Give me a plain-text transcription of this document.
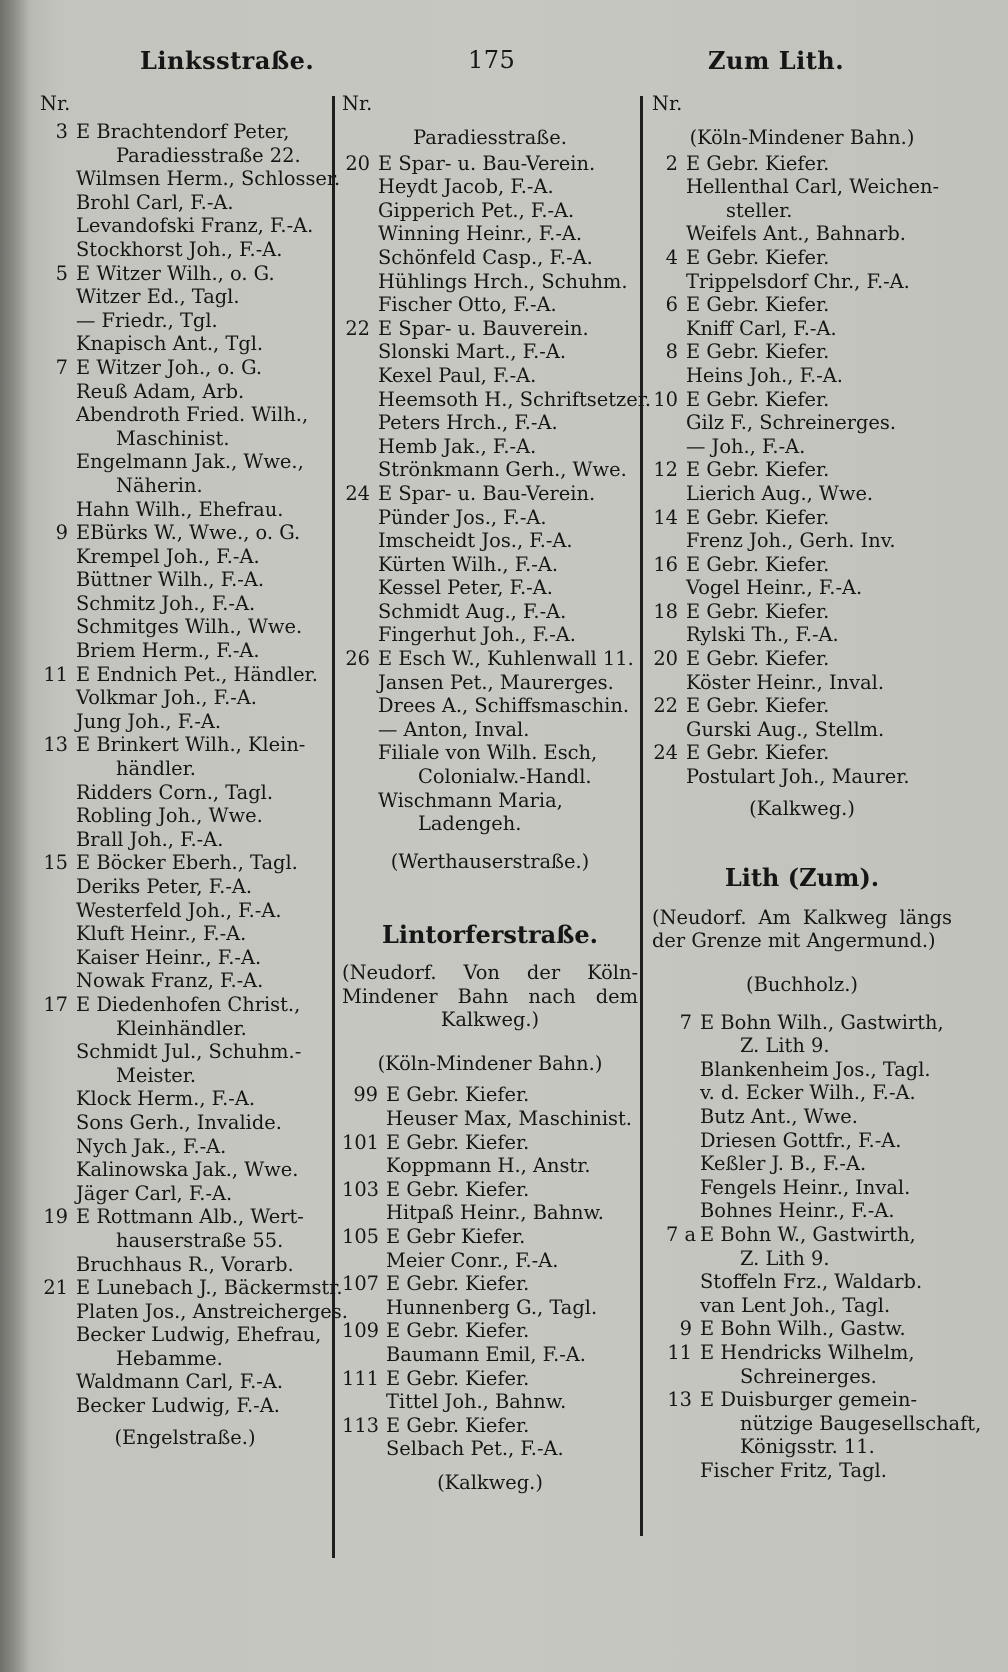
Linksstraße.	175	Zum Lith.
Nr.
3 E Brachtendorf Peter,
Paradiesstraße 22.
Wilmsen Herm., Schlosser.
Brohl Carl, F.-A.
Levandofski Franz, F.-A.
Stockhorst Joh., F.-A.
5 E Witzer Wilh., o. G.
Witzer Ed., Tagl.
— Friedr., Tgl.
Knapisch Ant., Tgl.
7 E Witzer Joh., o. G.
Reuß Adam, Arb.
Abendroth Fried. Wilh.,
Maschinist.
Engelmann Jak., Wwe.,
Näherin.
Hahn Wilh., Ehefrau.
9 EBürks W., Wwe., o. G.
Krempel Joh., F.-A.
Büttner Wilh., F.-A.
Schmitz Joh., F.-A.
Schmitges Wilh., Wwe.
Briem Herm., F.-A.
11 E Endnich Pet., Händler.
Volkmar Joh., F.-A.
Jung Joh., F.-A.
13 E Brinkert Wilh., Klein-
händler.
Ridders Corn., Tagl.
Robling Joh., Wwe.
Brall Joh., F.-A.
15 E Böcker Eberh., Tagl.
Deriks Peter, F.-A.
Westerfeld Joh., F.-A.
Kluft Heinr., F.-A.
Kaiser Heinr., F.-A.
Nowak Franz, F.-A.
17 E Diedenhofen Christ.,
Kleinhändler.
Schmidt Jul., Schuhm.-
Meister.
Klock Herm., F.-A.
Sons Gerh., Invalide.
Nych Jak., F.-A.
Kalinowska Jak., Wwe.
Jäger Carl, F.-A.
19 E Rottmann Alb., Wert-
hauserstraße 55.
Bruchhaus R., Vorarb.
21 E Lunebach J., Bäckermstr.
Platen Jos., Anstreicherges.
Becker Ludwig, Ehefrau,
Hebamme.
Waldmann Carl, F.-A.
Becker Ludwig, F.-A.
(Engelstraße.)
Nr.
Paradiesstraße.
20 E Spar- u. Bau-Verein.
Heydt Jacob, F.-A.
Gipperich Pet., F.-A.
Winning Heinr., F.-A.
Schönfeld Casp., F.-A.
Hühlings Hrch., Schuhm.
Fischer Otto, F.-A.
22 E Spar- u. Bauverein.
Slonski Mart., F.-A.
Kexel Paul, F.-A.
Heemsoth H., Schriftsetzer.
Peters Hrch., F.-A.
Hemb Jak., F.-A.
Strönkmann Gerh., Wwe.
24 E Spar- u. Bau-Verein.
Pünder Jos., F.-A.
Imscheidt Jos., F.-A.
Kürten Wilh., F.-A.
Kessel Peter, F.-A.
Schmidt Aug., F.-A.
Fingerhut Joh., F.-A.
26 E Esch W., Kuhlenwall 11.
Jansen Pet., Maurerges.
Drees A., Schiffsmaschin.
— Anton, Inval.
Filiale von Wilh. Esch,
Colonialw.-Handl.
Wischmann Maria,
Ladengeh.
(Werthauserstraße.)
Lintorferstraße.
(Neudorf. Von der Köln-
Mindener Bahn nach dem
Kalkweg.)
(Köln-Mindener Bahn.)
99 E Gebr. Kiefer.
Heuser Max, Maschinist.
101 E Gebr. Kiefer.
Koppmann H., Anstr.
103 E Gebr. Kiefer.
Hitpaß Heinr., Bahnw.
105 E Gebr Kiefer.
Meier Conr., F.-A.
107 E Gebr. Kiefer.
Hunnenberg G., Tagl.
109 E Gebr. Kiefer.
Baumann Emil, F.-A.
111 E Gebr. Kiefer.
Tittel Joh., Bahnw.
113 E Gebr. Kiefer.
Selbach Pet., F.-A.
(Kalkweg.)
Nr.
(Köln-Mindener Bahn.)
2 E Gebr. Kiefer.
Hellenthal Carl, Weichen-
steller.
Weifels Ant., Bahnarb.
4 E Gebr. Kiefer.
Trippelsdorf Chr., F.-A.
6 E Gebr. Kiefer.
Kniff Carl, F.-A.
8 E Gebr. Kiefer.
Heins Joh., F.-A.
10 E Gebr. Kiefer.
Gilz F., Schreinerges.
— Joh., F.-A.
12 E Gebr. Kiefer.
Lierich Aug., Wwe.
14 E Gebr. Kiefer.
Frenz Joh., Gerh. Inv.
16 E Gebr. Kiefer.
Vogel Heinr., F.-A.
18 E Gebr. Kiefer.
Rylski Th., F.-A.
20 E Gebr. Kiefer.
Köster Heinr., Inval.
22 E Gebr. Kiefer.
Gurski Aug., Stellm.
24 E Gebr. Kiefer.
Postulart Joh., Maurer.
(Kalkweg.)
Lith (Zum).
(Neudorf. Am Kalkweg längs
der Grenze mit Angermund.)
(Buchholz.)
7 E Bohn Wilh., Gastwirth,
Z. Lith 9.
Blankenheim Jos., Tagl.
v. d. Ecker Wilh., F.-A.
Butz Ant., Wwe.
Driesen Gottfr., F.-A.
Keßler J. B., F.-A.
Fengels Heinr., Inval.
Bohnes Heinr., F.-A.
7 a E Bohn W., Gastwirth,
Z. Lith 9.
Stoffeln Frz., Waldarb.
van Lent Joh., Tagl.
9 E Bohn Wilh., Gastw.
11 E Hendricks Wilhelm,
Schreinerges.
13 E Duisburger gemein-
nützige Baugesellschaft,
Königsstr. 11.
Fischer Fritz, Tagl.
